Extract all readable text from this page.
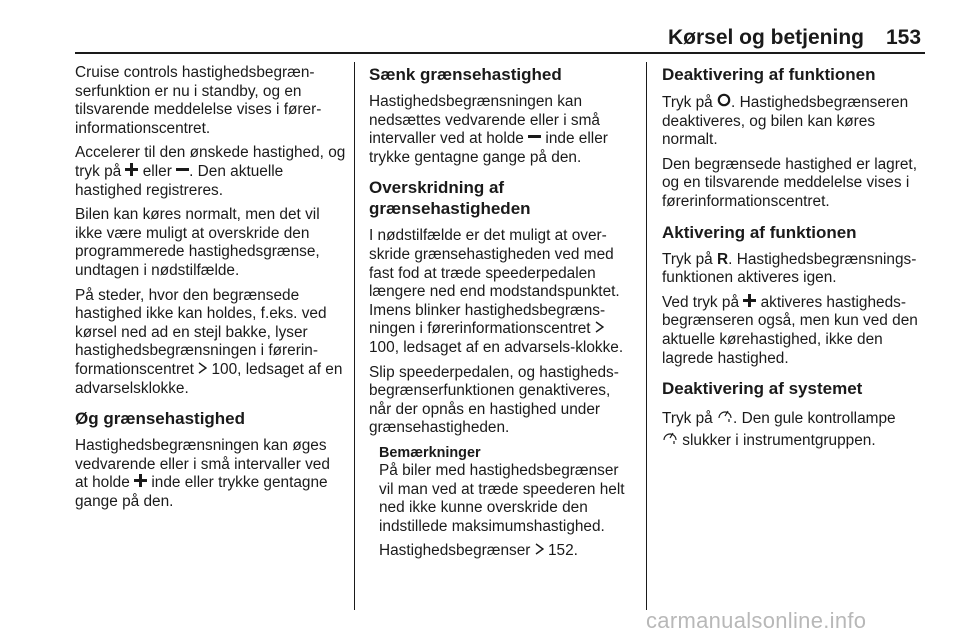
Kørsel og betjening 153

Cruise controls hastighedsbegræn-serfunktion er nu i standby, og en tilsvarende meddelelse vises i fører-informationscentret.

Accelerer til den ønskede hastighed, og tryk på eller . Den aktuelle hastighed registreres.

Bilen kan køres normalt, men det vil ikke være muligt at overskride den programmerede hastighedsgrænse, undtagen i nødstilfælde.

På steder, hvor den begrænsede hastighed ikke kan holdes, f.eks. ved kørsel ned ad en stejl bakke, lyser hastighedsbegrænsningen i førerin-formationscentret 100, ledsaget af en advarselsklokke.

Øg grænsehastighed

Hastighedsbegrænsningen kan øges vedvarende eller i små intervaller ved at holde inde eller trykke gentagne gange på den.

Sænk grænsehastighed

Hastighedsbegrænsningen kan nedsættes vedvarende eller i små intervaller ved at holde inde eller trykke gentagne gange på den.

Overskridning af grænsehastigheden

I nødstilfælde er det muligt at over-skride grænsehastigheden ved med fast fod at træde speederpedalen længere ned end modstandspunktet. Imens blinker hastighedsbegræns-ningen i førerinformationscentret  100, ledsaget af en advarsels-klokke.

Slip speederpedalen, og hastigheds-begrænserfunktionen genaktiveres, når der opnås en hastighed under grænsehastigheden.

Bemærkninger

På biler med hastighedsbegrænser vil man ved at træde speederen helt ned ikke kunne overskride den indstillede maksimumshastighed.

Hastighedsbegrænser 152.

Deaktivering af funktionen

Tryk på . Hastighedsbegrænseren deaktiveres, og bilen kan køres normalt.

Den begrænsede hastighed er lagret, og en tilsvarende meddelelse vises i førerinformationscentret.

Aktivering af funktionen

Tryk på R. Hastighedsbegrænsnings-funktionen aktiveres igen.

Ved tryk på aktiveres hastigheds-begrænseren også, men kun ved den aktuelle kørehastighed, ikke den lagrede hastighed.

Deaktivering af systemet

Tryk på . Den gule kontrollampe
slukker i instrumentgruppen.

carmanualsonline.info
